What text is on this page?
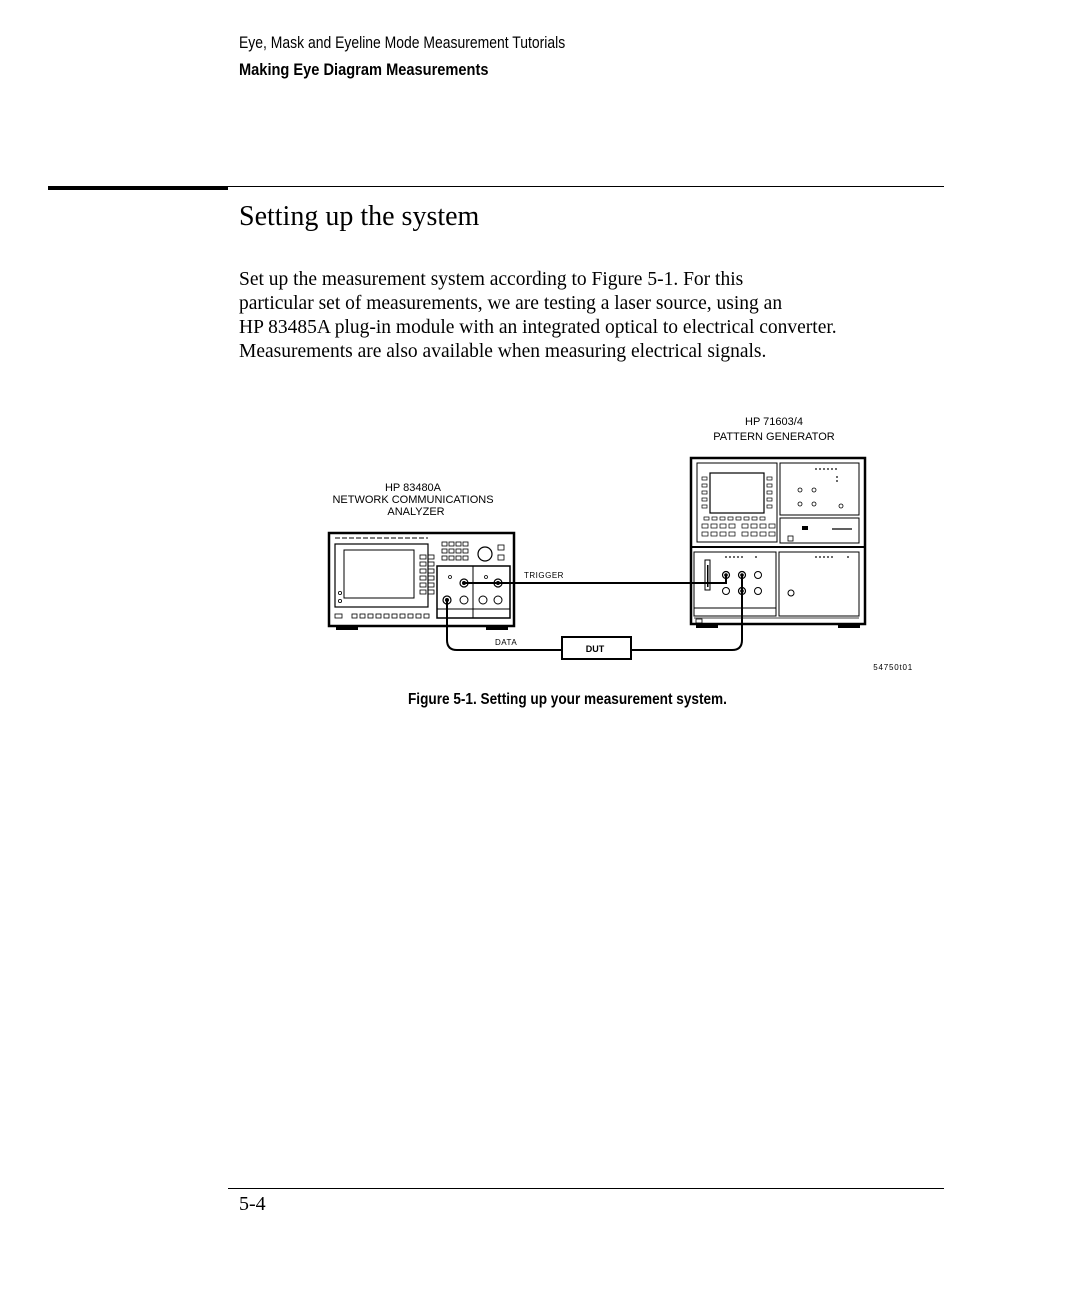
Eye, Mask and Eyeline Mode Measurement Tutorials
Making Eye Diagram Measurements
Setting up the system
Set up the measurement system according to Figure 5-1. For this
particular set of measurements, we are testing a laser source, using an
HP 83485A plug-in module with an integrated optical to electrical converter.
Measurements are also available when measuring electrical signals.
HP 83480A
NETWORK COMMUNICATIONS
ANALYZER
HP 71603/4
PATTERN GENERATOR
TRIGGER
DATA
DUT
54750t01
Figure 5-1. Setting up your measurement system.
5-4
